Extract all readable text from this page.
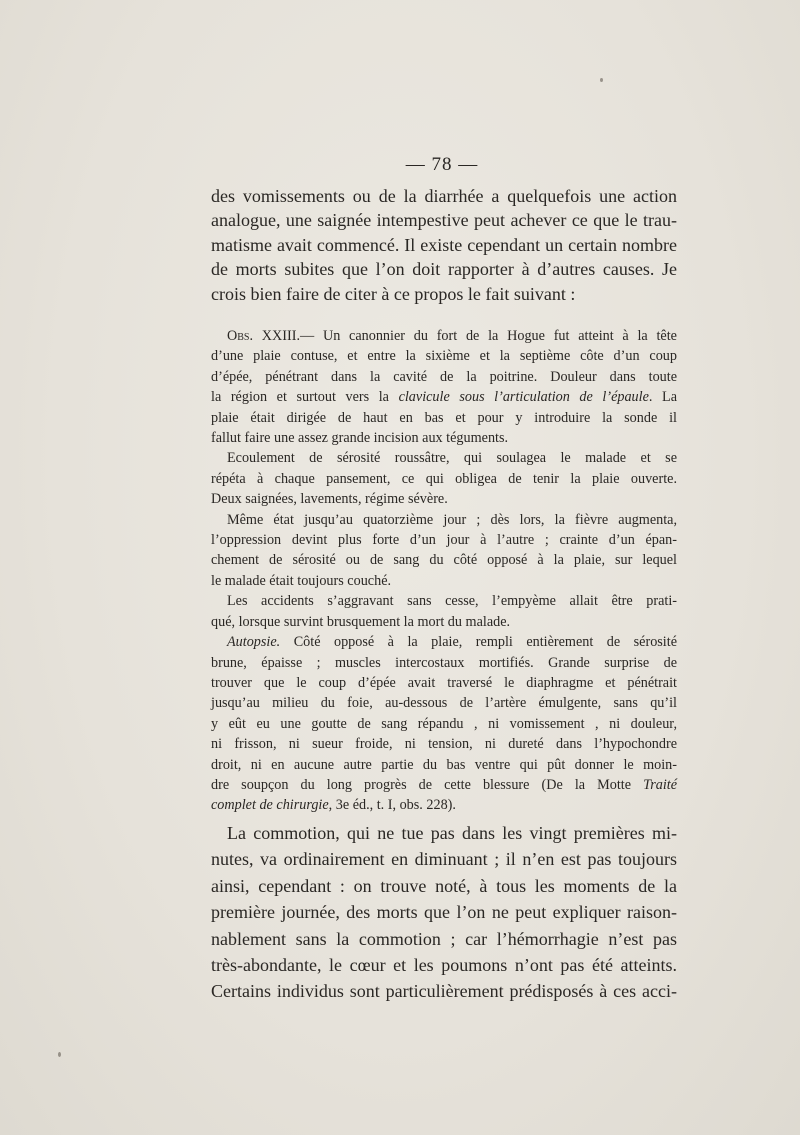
— 78 —
des vomissements ou de la diarrhée a quelquefois une action
analogue, une saignée intempestive peut achever ce que le trau-
matisme avait commencé. Il existe cependant un certain nombre
de morts subites que l’on doit rapporter à d’autres causes. Je
crois bien faire de citer à ce propos le fait suivant :
Obs. XXIII.— Un canonnier du fort de la Hogue fut atteint à la tête
d’une plaie contuse, et entre la sixième et la septième côte d’un coup
d’épée, pénétrant dans la cavité de la poitrine. Douleur dans toute
la région et surtout vers la clavicule sous l’articulation de l’épaule. La
plaie était dirigée de haut en bas et pour y introduire la sonde il
fallut faire une assez grande incision aux téguments.
Ecoulement de sérosité roussâtre, qui soulagea le malade et se
répéta à chaque pansement, ce qui obligea de tenir la plaie ouverte.
Deux saignées, lavements, régime sévère.
Même état jusqu’au quatorzième jour ; dès lors, la fièvre augmenta,
l’oppression devint plus forte d’un jour à l’autre ; crainte d’un épan-
chement de sérosité ou de sang du côté opposé à la plaie, sur lequel
le malade était toujours couché.
Les accidents s’aggravant sans cesse, l’empyème allait être prati-
qué, lorsque survint brusquement la mort du malade.
Autopsie. Côté opposé à la plaie, rempli entièrement de sérosité
brune, épaisse ; muscles intercostaux mortifiés. Grande surprise de
trouver que le coup d’épée avait traversé le diaphragme et pénétrait
jusqu’au milieu du foie, au-dessous de l’artère émulgente, sans qu’il
y eût eu une goutte de sang répandu , ni vomissement , ni douleur,
ni frisson, ni sueur froide, ni tension, ni dureté dans l’hypochondre
droit, ni en aucune autre partie du bas ventre qui pût donner le moin-
dre soupçon du long progrès de cette blessure (De la Motte Traité
complet de chirurgie, 3e éd., t. I, obs. 228).
La commotion, qui ne tue pas dans les vingt premières mi-
nutes, va ordinairement en diminuant ; il n’en est pas toujours
ainsi, cependant : on trouve noté, à tous les moments de la
première journée, des morts que l’on ne peut expliquer raison-
nablement sans la commotion ; car l’hémorrhagie n’est pas
très-abondante, le cœur et les poumons n’ont pas été atteints.
Certains individus sont particulièrement prédisposés à ces acci-
